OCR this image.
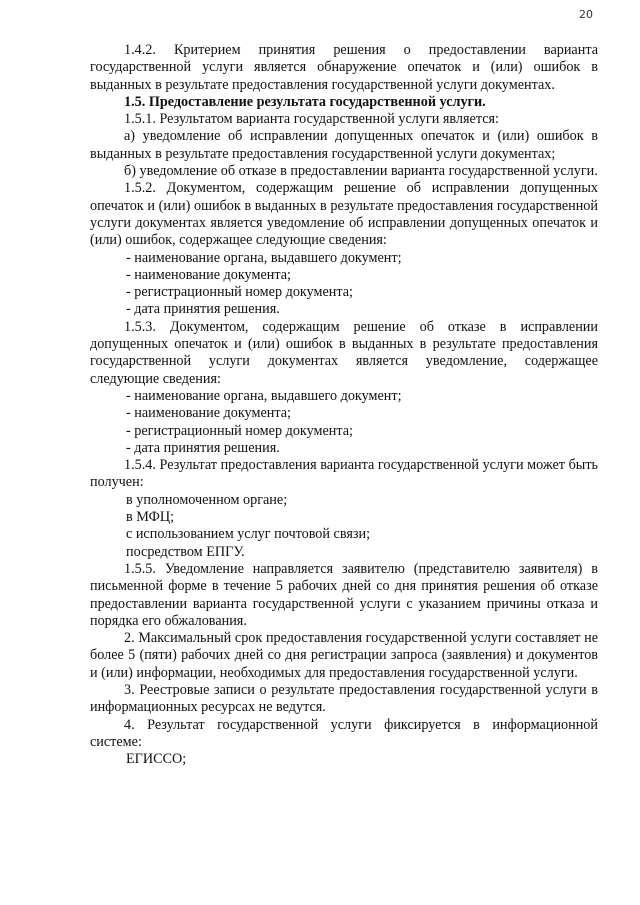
20

1.4.2. Критерием принятия решения о предоставлении варианта государственной услуги является обнаружение опечаток и (или) ошибок в выданных в результате предоставления государственной услуги документах.

1.5. Предоставление результата государственной услуги.

1.5.1. Результатом варианта государственной услуги является:

а) уведомление об исправлении допущенных опечаток и (или) ошибок в выданных в результате предоставления государственной услуги документах;

б) уведомление об отказе в предоставлении варианта государственной услуги.

1.5.2. Документом, содержащим решение об исправлении допущенных опечаток и (или) ошибок в выданных в результате предоставления государственной услуги документах является уведомление об исправлении допущенных опечаток и (или) ошибок, содержащее следующие сведения:

- наименование органа, выдавшего документ;

- наименование документа;

- регистрационный номер документа;

- дата принятия решения.

1.5.3. Документом, содержащим решение об отказе в исправлении допущенных опечаток и (или) ошибок в выданных в результате предоставления государственной услуги документах является уведомление, содержащее следующие сведения:

- наименование органа, выдавшего документ;

- наименование документа;

- регистрационный номер документа;

- дата принятия решения.

1.5.4. Результат предоставления варианта государственной услуги может быть получен:

в уполномоченном органе;

в МФЦ;

с использованием услуг почтовой связи;

посредством ЕПГУ.

1.5.5. Уведомление направляется заявителю (представителю заявителя) в письменной форме в течение 5 рабочих дней со дня принятия решения об отказе предоставлении варианта государственной услуги с указанием причины отказа и порядка его обжалования.

2. Максимальный срок предоставления государственной услуги составляет не более 5 (пяти) рабочих дней со дня регистрации запроса (заявления) и документов и (или) информации, необходимых для предоставления государственной услуги.

3. Реестровые записи о результате предоставления государственной услуги в информационных ресурсах не ведутся.

4. Результат государственной услуги фиксируется в информационной системе:

ЕГИССО;
